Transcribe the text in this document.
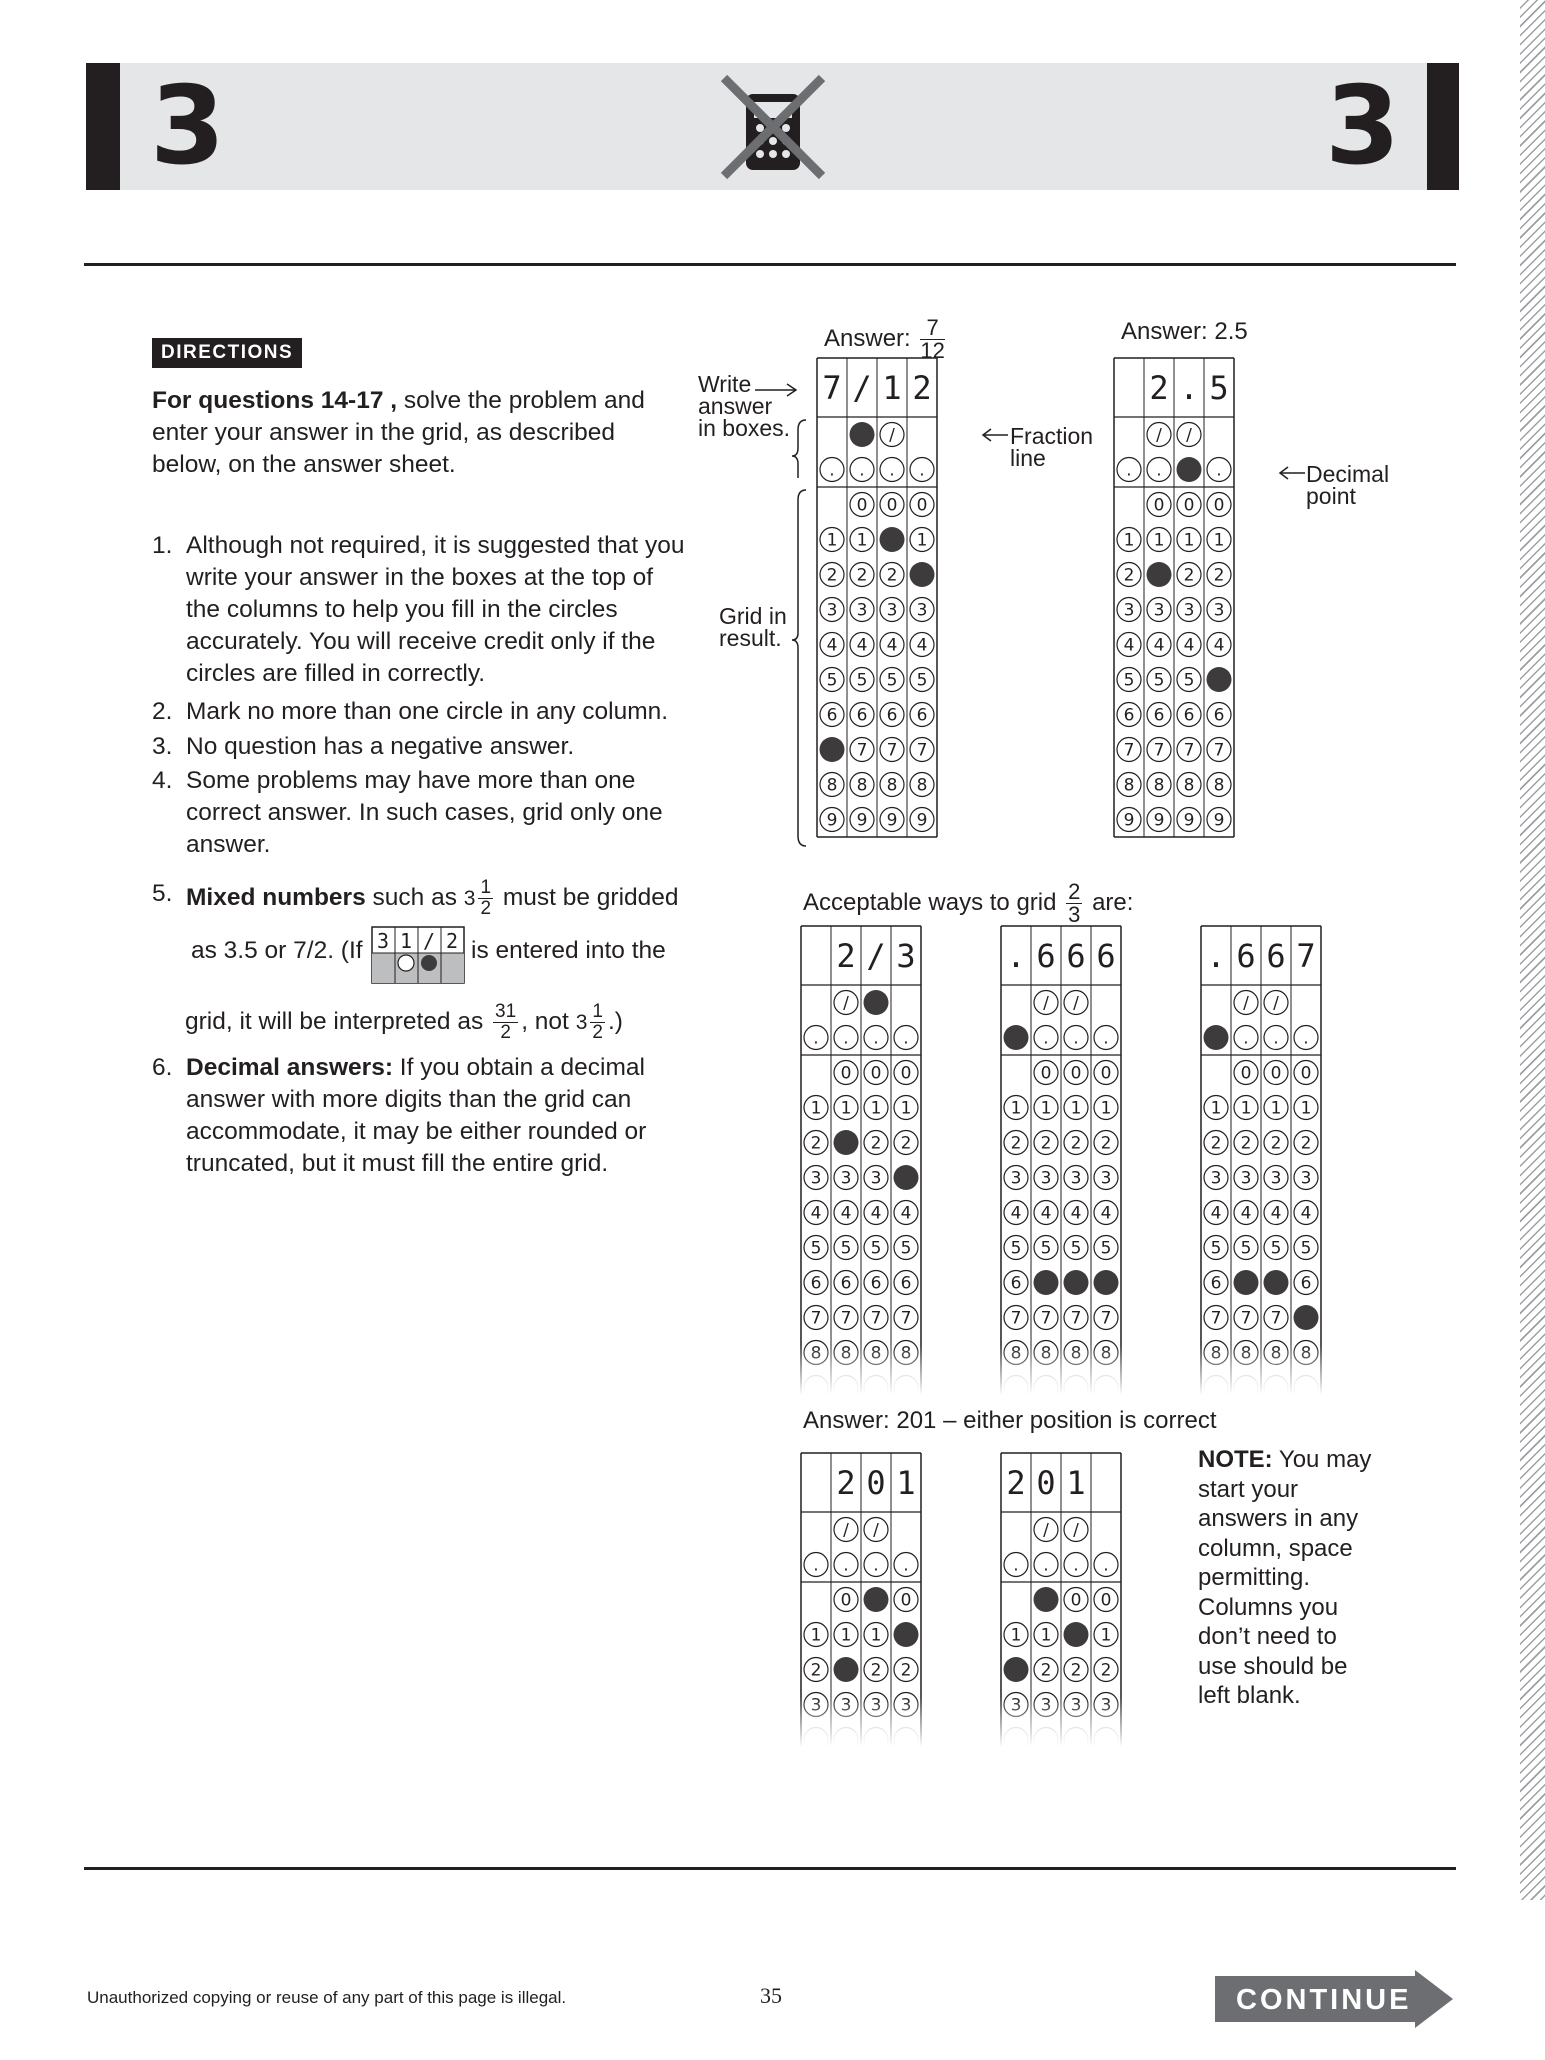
3	3
DIRECTIONS
For questions 14-17 , solve the problem and enter your answer in the grid, as described below, on the answer sheet.
1. Although not required, it is suggested that you write your answer in the boxes at the top of the columns to help you fill in the circles accurately. You will receive credit only if the circles are filled in correctly.
2. Mark no more than one circle in any column.
3. No question has a negative answer.
4. Some problems may have more than one correct answer. In such cases, grid only one answer.
5. Mixed numbers such as $3 \frac{1}{2}$ must be gridded
as 3.5 or 7/2. (If 3 1 / 2 is entered into the
grid, it will be interpreted as $\frac{31}{2}$ , not $3 \frac{1}{2}$ .)
6. Decimal answers: If you obtain a decimal answer with more digits than the grid can accommodate, it may be either rounded or truncated, but it must fill the entire grid.
Answer: $\frac{7}{12}$	Answer: 2.5
Write
answer
in boxes.	Fraction
line
Decimal
point
Grid in
result.
Acceptable ways to grid $\frac{2}{3}$ are:
Answer: 201 – either position is correct
NOTE: You may start your answers in any column, space permitting. Columns you don’t need to use should be left blank.
7 / 1 2
/
. . . .
0 0 0
1 1	1
2 2 2
3 3 3 3
4 4 4 4
5 5 5 5
6 6 6 6
7 7 7
8 8 8 8
9 9 9 9
2 . 5
/ /
. .	.
0 0 0
1 1 1 1
2	2 2
3 3 3 3
4 4 4 4
5 5 5
6 6 6 6
7 7 7 7
8 8 8 8
9 9 9 9
2 / 3
/
. . . .
0 0 0
1 1 1 1
2	2 2
3 3 3
4 4 4 4
5 5 5 5
6 6 6 6
7 7 7 7
. 6 6 6
/ /
. . .
0 0 0
1 1 1 1
2 2 2 2
3 3 3 3
4 4 4 4
5 5 5 5
6
7 7 7 7
. 6 6 7
/ /
. . .
0 0 0
1 1 1 1
2 2 2 2
3 3 3 3
4 4 4 4
5 5 5 5
6	6
7 7 7
2 0 1
/ /
. . . .
0	0
1 1 1
2	2 2
2 0 1
/ /
. . . .
0 0
1 1	1
2 2 2
Unauthorized copying or reuse of any part of this page is illegal.	35	CONTINUE
